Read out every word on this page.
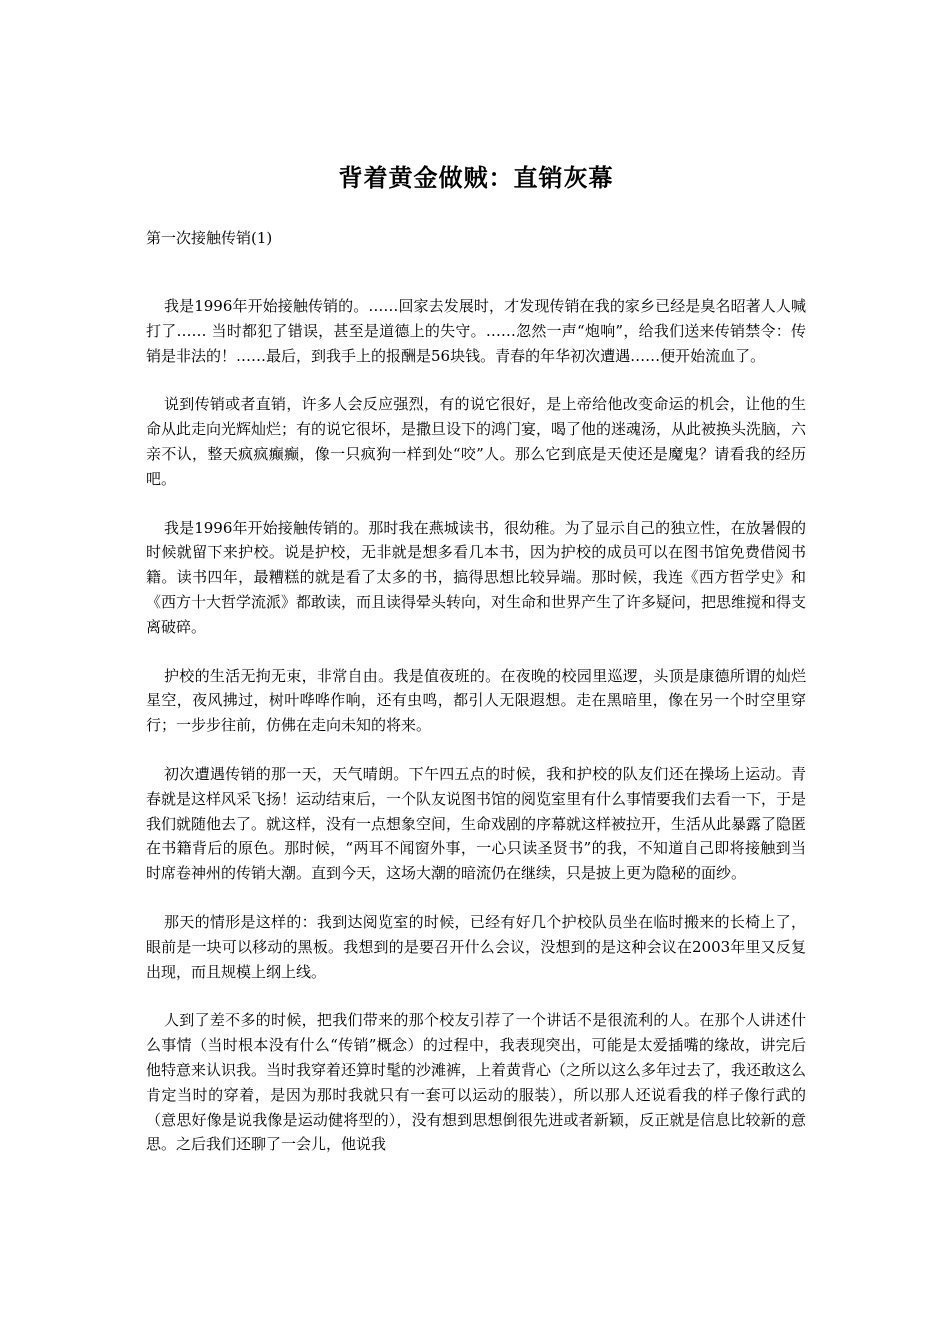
背着黄金做贼：直销灰幕
第一次接触传销(1)

我是1996年开始接触传销的。……回家去发展时，才发现传销在我的家乡已经是臭名昭著人人喊打了…… 当时都犯了错误，甚至是道德上的失守。……忽然一声“炮响”，给我们送来传销禁令：传销是非法的！……最后，到我手上的报酬是56块钱。青春的年华初次遭遇……便开始流血了。

说到传销或者直销，许多人会反应强烈，有的说它很好，是上帝给他改变命运的机会，让他的生命从此走向光辉灿烂；有的说它很坏，是撒旦设下的鸿门宴，喝了他的迷魂汤，从此被换头洗脑，六亲不认，整天疯疯癫癫，像一只疯狗一样到处“咬”人。那么它到底是天使还是魔鬼？请看我的经历吧。

我是1996年开始接触传销的。那时我在燕城读书，很幼稚。为了显示自己的独立性，在放暑假的时候就留下来护校。说是护校，无非就是想多看几本书，因为护校的成员可以在图书馆免费借阅书籍。读书四年，最糟糕的就是看了太多的书，搞得思想比较异端。那时候，我连《西方哲学史》和《西方十大哲学流派》都敢读，而且读得晕头转向，对生命和世界产生了许多疑问，把思维搅和得支离破碎。

护校的生活无拘无束，非常自由。我是值夜班的。在夜晚的校园里巡逻，头顶是康德所谓的灿烂星空，夜风拂过，树叶哗哗作响，还有虫鸣，都引人无限遐想。走在黑暗里，像在另一个时空里穿行；一步步往前，仿佛在走向未知的将来。

初次遭遇传销的那一天，天气晴朗。下午四五点的时候，我和护校的队友们还在操场上运动。青春就是这样风采飞扬！运动结束后，一个队友说图书馆的阅览室里有什么事情要我们去看一下，于是我们就随他去了。就这样，没有一点想象空间，生命戏剧的序幕就这样被拉开，生活从此暴露了隐匿在书籍背后的原色。那时候，“两耳不闻窗外事，一心只读圣贤书”的我，不知道自己即将接触到当时席卷神州的传销大潮。直到今天，这场大潮的暗流仍在继续，只是披上更为隐秘的面纱。

那天的情形是这样的：我到达阅览室的时候，已经有好几个护校队员坐在临时搬来的长椅上了，眼前是一块可以移动的黑板。我想到的是要召开什么会议，没想到的是这种会议在2003年里又反复出现，而且规模上纲上线。

人到了差不多的时候，把我们带来的那个校友引荐了一个讲话不是很流利的人。在那个人讲述什么事情（当时根本没有什么“传销”概念）的过程中，我表现突出，可能是太爱插嘴的缘故，讲完后他特意来认识我。当时我穿着还算时髦的沙滩裤，上着黄背心（之所以这么多年过去了，我还敢这么肯定当时的穿着，是因为那时我就只有一套可以运动的服装），所以那人还说看我的样子像行武的（意思好像是说我像是运动健将型的），没有想到思想倒很先进或者新颖，反正就是信息比较新的意思。之后我们还聊了一会儿，他说我
